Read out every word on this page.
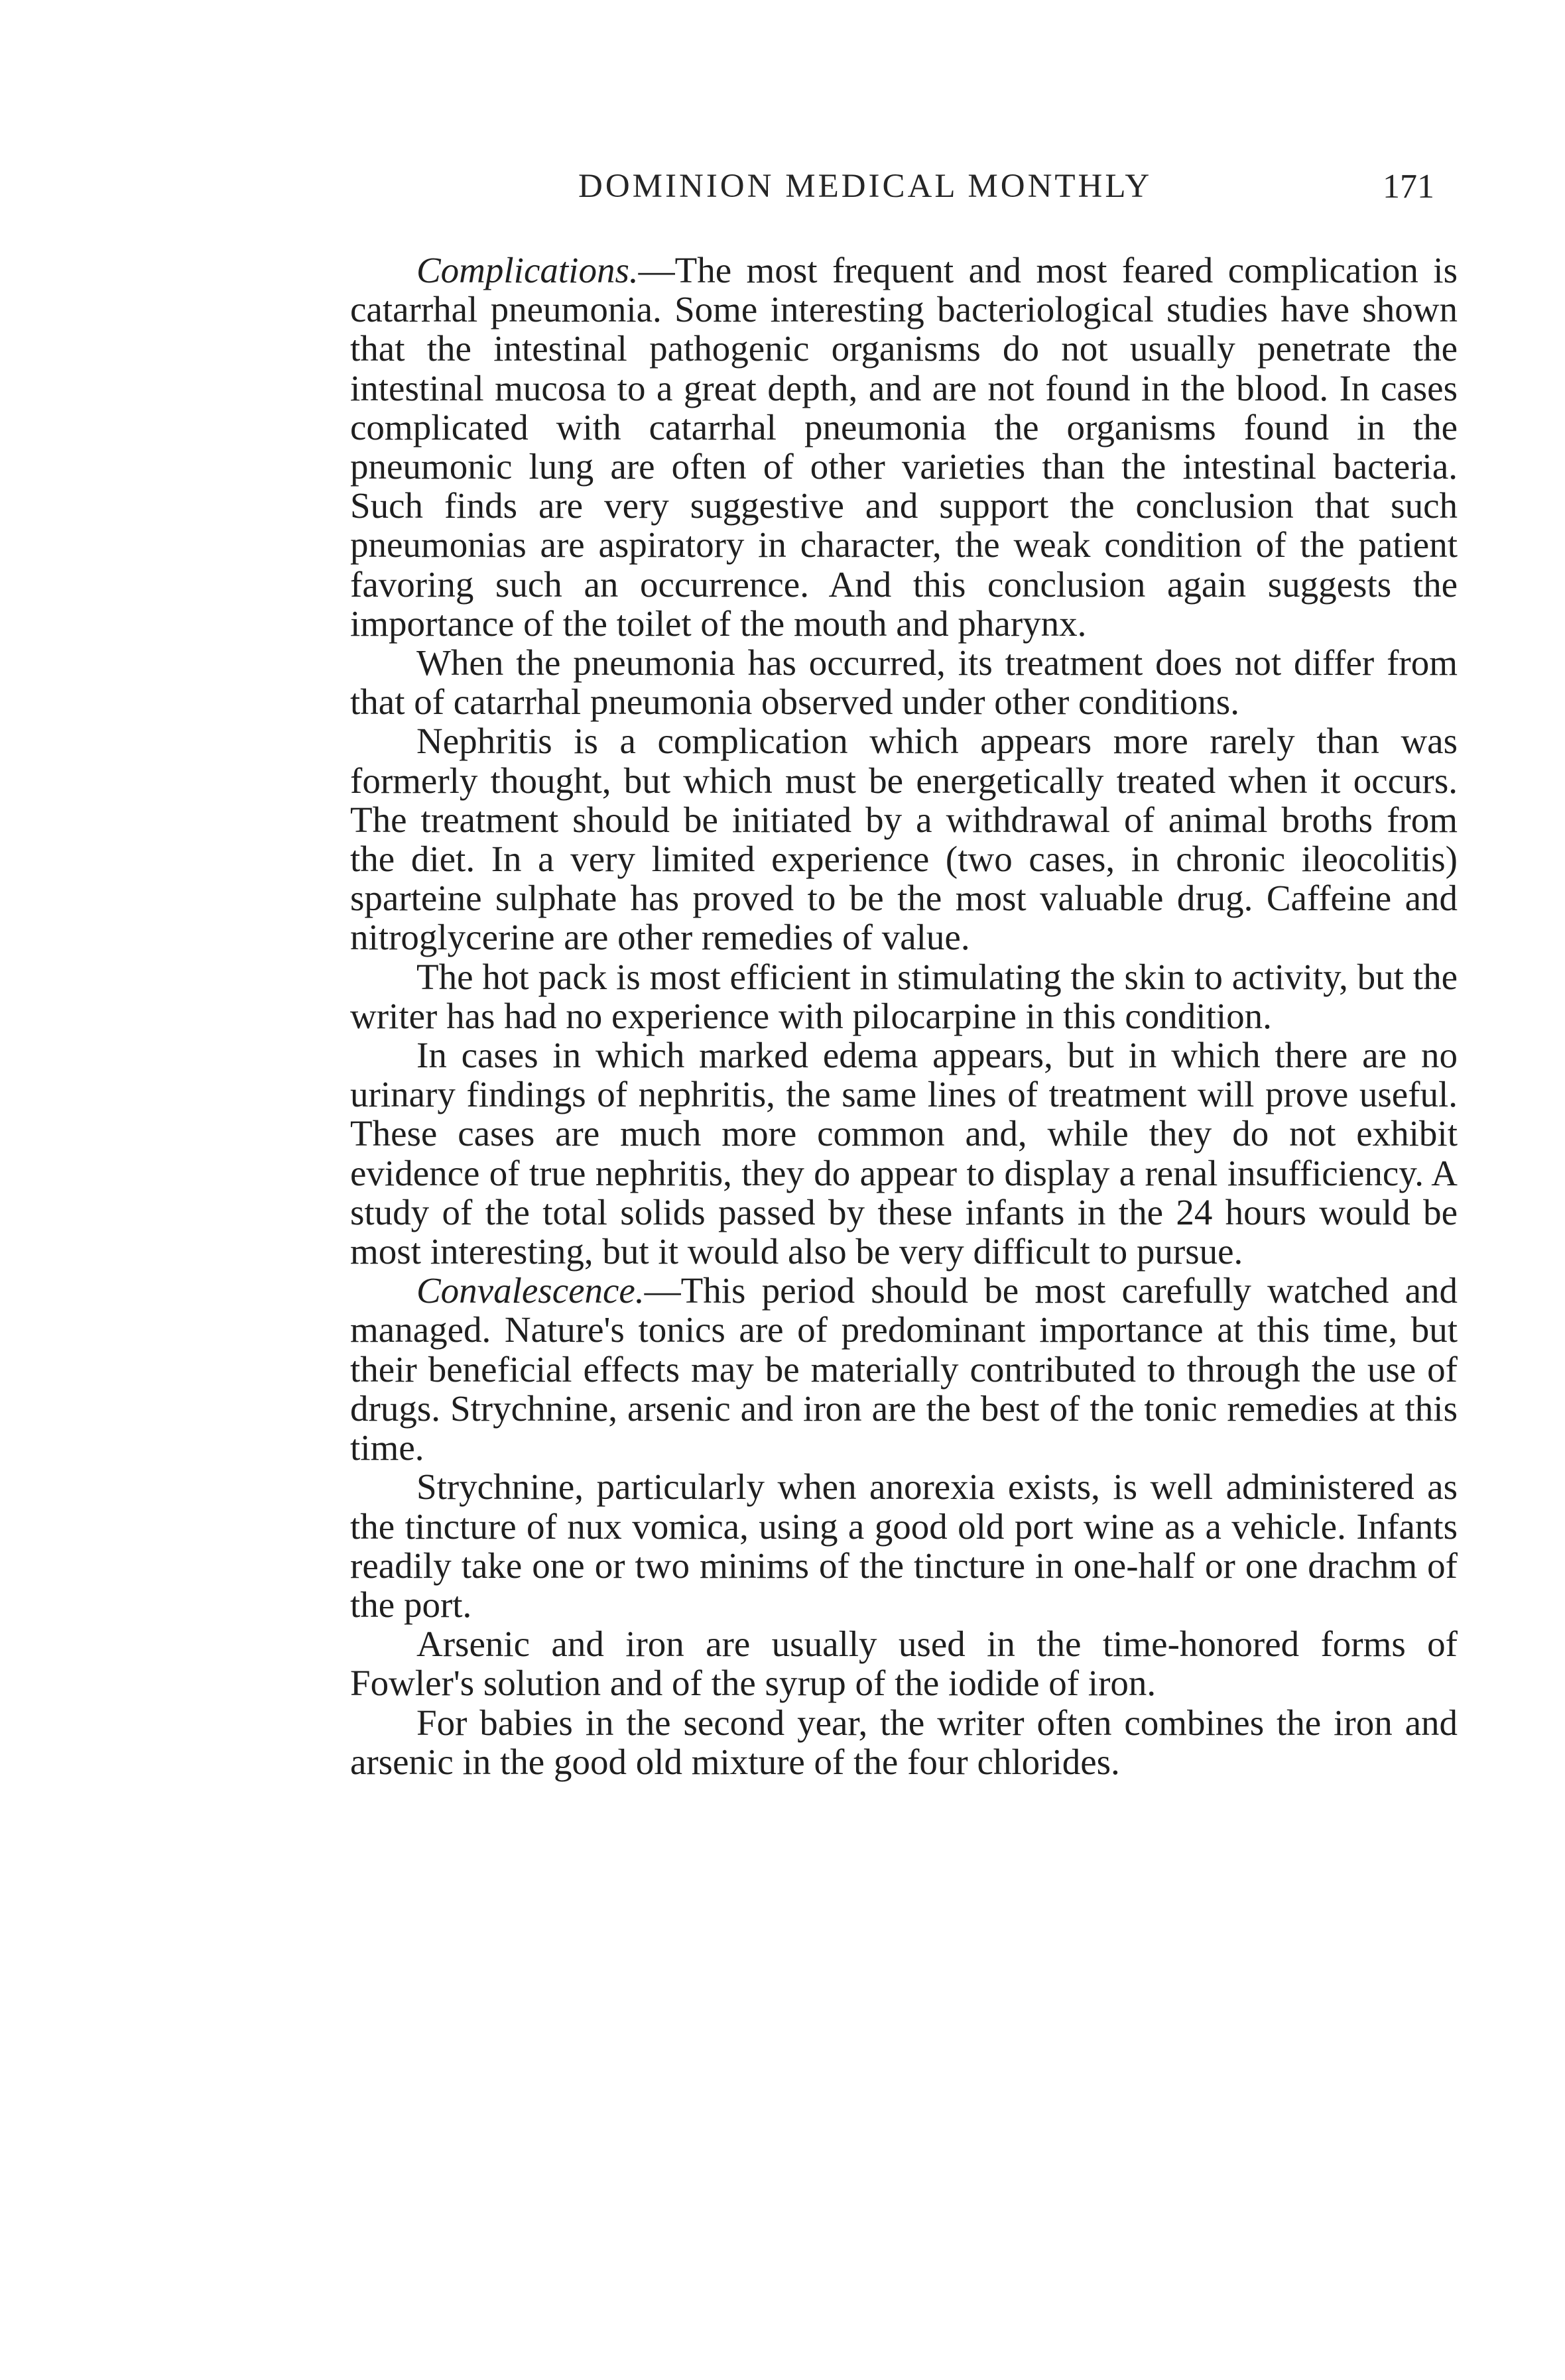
DOMINION MEDICAL MONTHLY	171

Complications.—The most frequent and most feared complication is catarrhal pneumonia. Some interesting bacteriological studies have shown that the intestinal pathogenic organisms do not usually penetrate the intestinal mucosa to a great depth, and are not found in the blood. In cases complicated with catarrhal pneumonia the organisms found in the pneumonic lung are often of other varieties than the intestinal bacteria. Such finds are very suggestive and support the conclusion that such pneumonias are aspiratory in character, the weak condition of the patient favoring such an occurrence. And this conclusion again suggests the importance of the toilet of the mouth and pharynx.

When the pneumonia has occurred, its treatment does not differ from that of catarrhal pneumonia observed under other conditions.

Nephritis is a complication which appears more rarely than was formerly thought, but which must be energetically treated when it occurs. The treatment should be initiated by a withdrawal of animal broths from the diet. In a very limited experience (two cases, in chronic ileocolitis) sparteine sulphate has proved to be the most valuable drug. Caffeine and nitroglycerine are other remedies of value.

The hot pack is most efficient in stimulating the skin to activity, but the writer has had no experience with pilocarpine in this condition.

In cases in which marked edema appears, but in which there are no urinary findings of nephritis, the same lines of treatment will prove useful. These cases are much more common and, while they do not exhibit evidence of true nephritis, they do appear to display a renal insufficiency. A study of the total solids passed by these infants in the 24 hours would be most interesting, but it would also be very difficult to pursue.

Convalescence.—This period should be most carefully watched and managed. Nature's tonics are of predominant importance at this time, but their beneficial effects may be materially contributed to through the use of drugs. Strychnine, arsenic and iron are the best of the tonic remedies at this time.

Strychnine, particularly when anorexia exists, is well administered as the tincture of nux vomica, using a good old port wine as a vehicle. Infants readily take one or two minims of the tincture in one-half or one drachm of the port.

Arsenic and iron are usually used in the time-honored forms of Fowler's solution and of the syrup of the iodide of iron.

For babies in the second year, the writer often combines the iron and arsenic in the good old mixture of the four chlorides.
